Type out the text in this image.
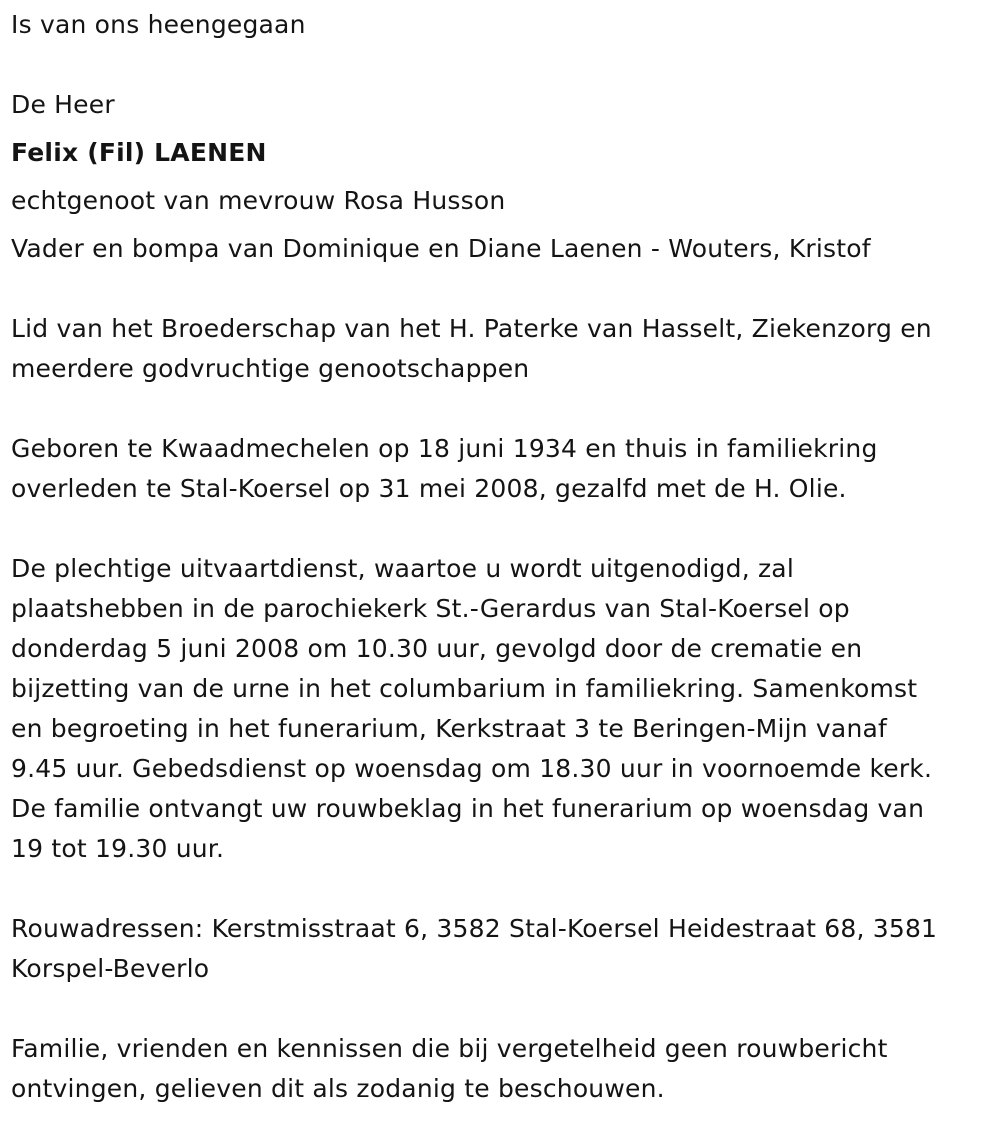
Is van ons heengegaan
De Heer
Felix (Fil) LAENEN
echtgenoot van mevrouw Rosa Husson
Vader en bompa van Dominique en Diane Laenen - Wouters, Kristof
Lid van het Broederschap van het H. Paterke van Hasselt, Ziekenzorg en
meerdere godvruchtige genootschappen
Geboren te Kwaadmechelen op 18 juni 1934 en thuis in familiekring
overleden te Stal-Koersel op 31 mei 2008, gezalfd met de H. Olie.
De plechtige uitvaartdienst, waartoe u wordt uitgenodigd, zal
plaatshebben in de parochiekerk St.-Gerardus van Stal-Koersel op
donderdag 5 juni 2008 om 10.30 uur, gevolgd door de crematie en
bijzetting van de urne in het columbarium in familiekring. Samenkomst
en begroeting in het funerarium, Kerkstraat 3 te Beringen-Mijn vanaf
9.45 uur. Gebedsdienst op woensdag om 18.30 uur in voornoemde kerk.
De familie ontvangt uw rouwbeklag in het funerarium op woensdag van
19 tot 19.30 uur.
Rouwadressen: Kerstmisstraat 6, 3582 Stal-Koersel Heidestraat 68, 3581
Korspel-Beverlo
Familie, vrienden en kennissen die bij vergetelheid geen rouwbericht
ontvingen, gelieven dit als zodanig te beschouwen.
